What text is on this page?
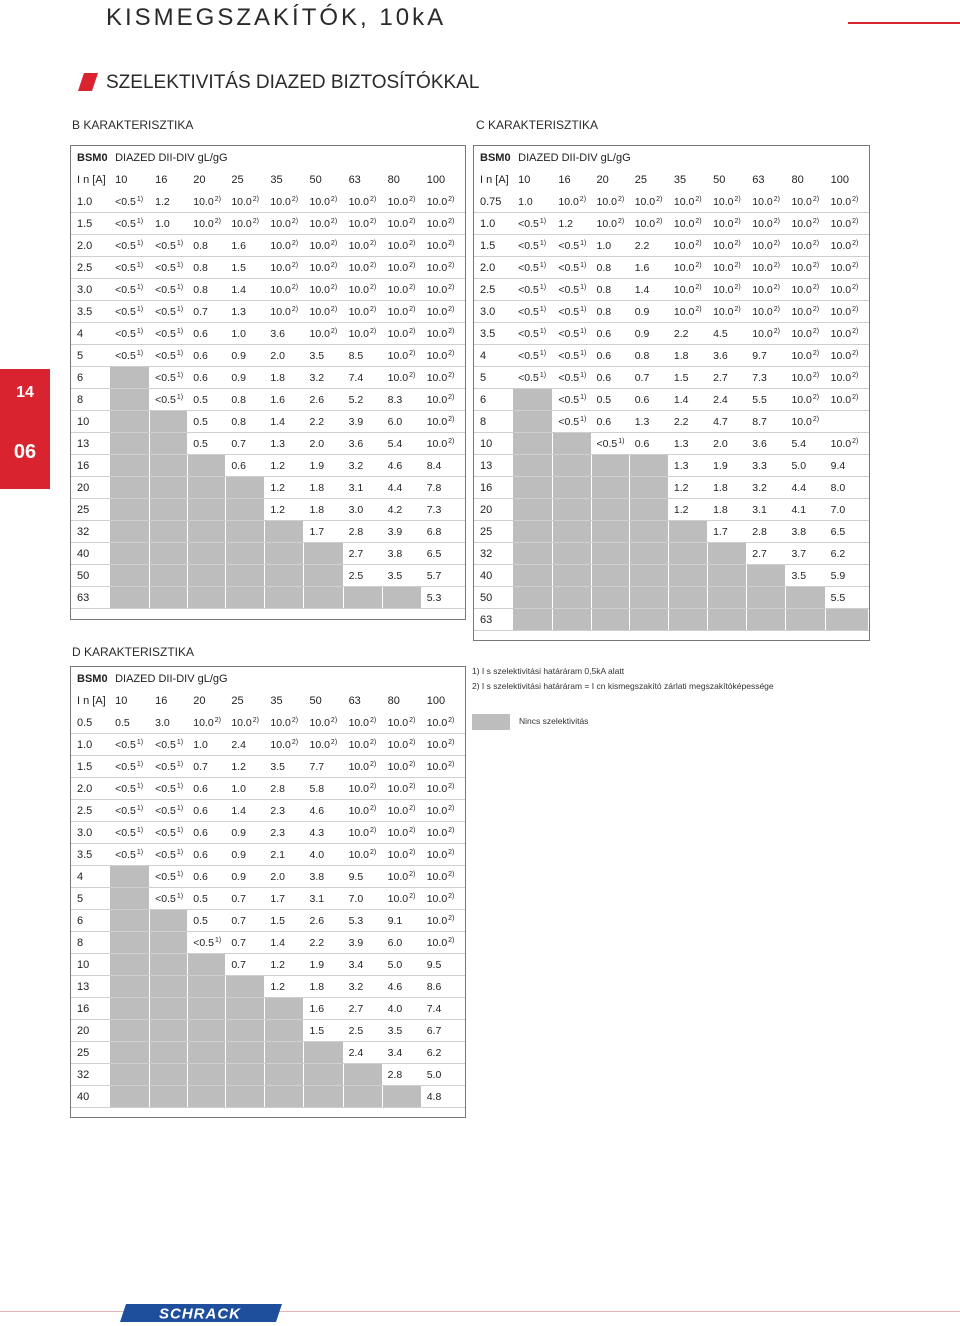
KISMEGSZAKÍTÓK, 10kA
SZELEKTIVITÁS DIAZED BIZTOSÍTÓKKAL
14
06
B KARAKTERISZTIKA	C KARAKTERISZTIKA
D KARAKTERISZTIKA
BSM0	DIAZED DII-DIV gL/gG								
I n [A]	10	16	20	25	35	50	63	80	100
1.0	$<0.5^{1)}$	1.2	10.0$^{2)}$	10.0$^{2)}$	10.0$^{2)}$	10.0$^{2)}$	10.0$^{2)}$	10.0$^{2)}$	10.0$^{2)}$
1.5	$<0.5^{1)}$	1.0	10.0$^{2)}$	10.0$^{2)}$	10.0$^{2)}$	10.0$^{2)}$	10.0$^{2)}$	10.0$^{2)}$	10.0$^{2)}$
2.0	$<0.5^{1)}$	$<0.5^{1)}$	0.8	1.6	10.0$^{2)}$	10.0$^{2)}$	10.0$^{2)}$	10.0$^{2)}$	10.0$^{2)}$
2.5	$<0.5^{1)}$	$<0.5^{1)}$	0.8	1.5	10.0$^{2)}$	10.0$^{2)}$	10.0$^{2)}$	10.0$^{2)}$	10.0$^{2)}$
3.0	$<0.5^{1)}$	$<0.5^{1)}$	0.8	1.4	10.0$^{2)}$	10.0$^{2)}$	10.0$^{2)}$	10.0$^{2)}$	10.0$^{2)}$
3.5	$<0.5^{1)}$	$<0.5^{1)}$	0.7	1.3	10.0$^{2)}$	10.0$^{2)}$	10.0$^{2)}$	10.0$^{2)}$	10.0$^{2)}$
4	$<0.5^{1)}$	$<0.5^{1)}$	0.6	1.0	3.6	10.0$^{2)}$	10.0$^{2)}$	10.0$^{2)}$	10.0$^{2)}$
5	$<0.5^{1)}$	$<0.5^{1)}$	0.6	0.9	2.0	3.5	8.5	10.0$^{2)}$	10.0$^{2)}$
6		$<0.5^{1)}$	0.6	0.9	1.8	3.2	7.4	10.0$^{2)}$	10.0$^{2)}$
8		$<0.5^{1)}$	0.5	0.8	1.6	2.6	5.2	8.3	10.0$^{2)}$
10			0.5	0.8	1.4	2.2	3.9	6.0	10.0$^{2)}$
13			0.5	0.7	1.3	2.0	3.6	5.4	10.0$^{2)}$
16				0.6	1.2	1.9	3.2	4.6	8.4
20					1.2	1.8	3.1	4.4	7.8
25					1.2	1.8	3.0	4.2	7.3
32						1.7	2.8	3.9	6.8
40							2.7	3.8	6.5
50							2.5	3.5	5.7
63									5.3
BSM0	DIAZED DII-DIV gL/gG								
I n [A]	10	16	20	25	35	50	63	80	100
0.75	1.0	10.0$^{2)}$	10.0$^{2)}$	10.0$^{2)}$	10.0$^{2)}$	10.0$^{2)}$	10.0$^{2)}$	10.0$^{2)}$	10.0$^{2)}$
1.0	$<0.5^{1)}$	1.2	10.0$^{2)}$	10.0$^{2)}$	10.0$^{2)}$	10.0$^{2)}$	10.0$^{2)}$	10.0$^{2)}$	10.0$^{2)}$
1.5	$<0.5^{1)}$	$<0.5^{1)}$	1.0	2.2	10.0$^{2)}$	10.0$^{2)}$	10.0$^{2)}$	10.0$^{2)}$	10.0$^{2)}$
2.0	$<0.5^{1)}$	$<0.5^{1)}$	0.8	1.6	10.0$^{2)}$	10.0$^{2)}$	10.0$^{2)}$	10.0$^{2)}$	10.0$^{2)}$
2.5	$<0.5^{1)}$	$<0.5^{1)}$	0.8	1.4	10.0$^{2)}$	10.0$^{2)}$	10.0$^{2)}$	10.0$^{2)}$	10.0$^{2)}$
3.0	$<0.5^{1)}$	$<0.5^{1)}$	0.8	0.9	10.0$^{2)}$	10.0$^{2)}$	10.0$^{2)}$	10.0$^{2)}$	10.0$^{2)}$
3.5	$<0.5^{1)}$	$<0.5^{1)}$	0.6	0.9	2.2	4.5	10.0$^{2)}$	10.0$^{2)}$	10.0$^{2)}$
4	$<0.5^{1)}$	$<0.5^{1)}$	0.6	0.8	1.8	3.6	9.7	10.0$^{2)}$	10.0$^{2)}$
5	$<0.5^{1)}$	$<0.5^{1)}$	0.6	0.7	1.5	2.7	7.3	10.0$^{2)}$	10.0$^{2)}$
6		$<0.5^{1)}$	0.5	0.6	1.4	2.4	5.5	10.0$^{2)}$	10.0$^{2)}$
8		$<0.5^{1)}$	0.6	1.3	2.2	4.7	8.7	10.0$^{2)}$	
10			$<0.5^{1)}$	0.6	1.3	2.0	3.6	5.4	10.0$^{2)}$
13					1.3	1.9	3.3	5.0	9.4
16					1.2	1.8	3.2	4.4	8.0
20					1.2	1.8	3.1	4.1	7.0
25						1.7	2.8	3.8	6.5
32							2.7	3.7	6.2
40								3.5	5.9
50									5.5
63									
BSM0	DIAZED DII-DIV gL/gG								
I n [A]	10	16	20	25	35	50	63	80	100
0.5	0.5	3.0	10.0$^{2)}$	10.0$^{2)}$	10.0$^{2)}$	10.0$^{2)}$	10.0$^{2)}$	10.0$^{2)}$	10.0$^{2)}$
1.0	$<0.5^{1)}$	$<0.5^{1)}$	1.0	2.4	10.0$^{2)}$	10.0$^{2)}$	10.0$^{2)}$	10.0$^{2)}$	10.0$^{2)}$
1.5	$<0.5^{1)}$	$<0.5^{1)}$	0.7	1.2	3.5	7.7	10.0$^{2)}$	10.0$^{2)}$	10.0$^{2)}$
2.0	$<0.5^{1)}$	$<0.5^{1)}$	0.6	1.0	2.8	5.8	10.0$^{2)}$	10.0$^{2)}$	10.0$^{2)}$
2.5	$<0.5^{1)}$	$<0.5^{1)}$	0.6	1.4	2.3	4.6	10.0$^{2)}$	10.0$^{2)}$	10.0$^{2)}$
3.0	$<0.5^{1)}$	$<0.5^{1)}$	0.6	0.9	2.3	4.3	10.0$^{2)}$	10.0$^{2)}$	10.0$^{2)}$
3.5	$<0.5^{1)}$	$<0.5^{1)}$	0.6	0.9	2.1	4.0	10.0$^{2)}$	10.0$^{2)}$	10.0$^{2)}$
4		$<0.5^{1)}$	0.6	0.9	2.0	3.8	9.5	10.0$^{2)}$	10.0$^{2)}$
5		$<0.5^{1)}$	0.5	0.7	1.7	3.1	7.0	10.0$^{2)}$	10.0$^{2)}$
6			0.5	0.7	1.5	2.6	5.3	9.1	10.0$^{2)}$
8			$<0.5^{1)}$	0.7	1.4	2.2	3.9	6.0	10.0$^{2)}$
10				0.7	1.2	1.9	3.4	5.0	9.5
13					1.2	1.8	3.2	4.6	8.6
16						1.6	2.7	4.0	7.4
20						1.5	2.5	3.5	6.7
25							2.4	3.4	6.2
32								2.8	5.0
40									4.8
1) I s szelektivitási határáram 0,5kA alatt
2) I s szelektivitási határáram = I cn kismegszakító zárlati megszakítóképessége
Nincs szelektivitás
SCHRACK
